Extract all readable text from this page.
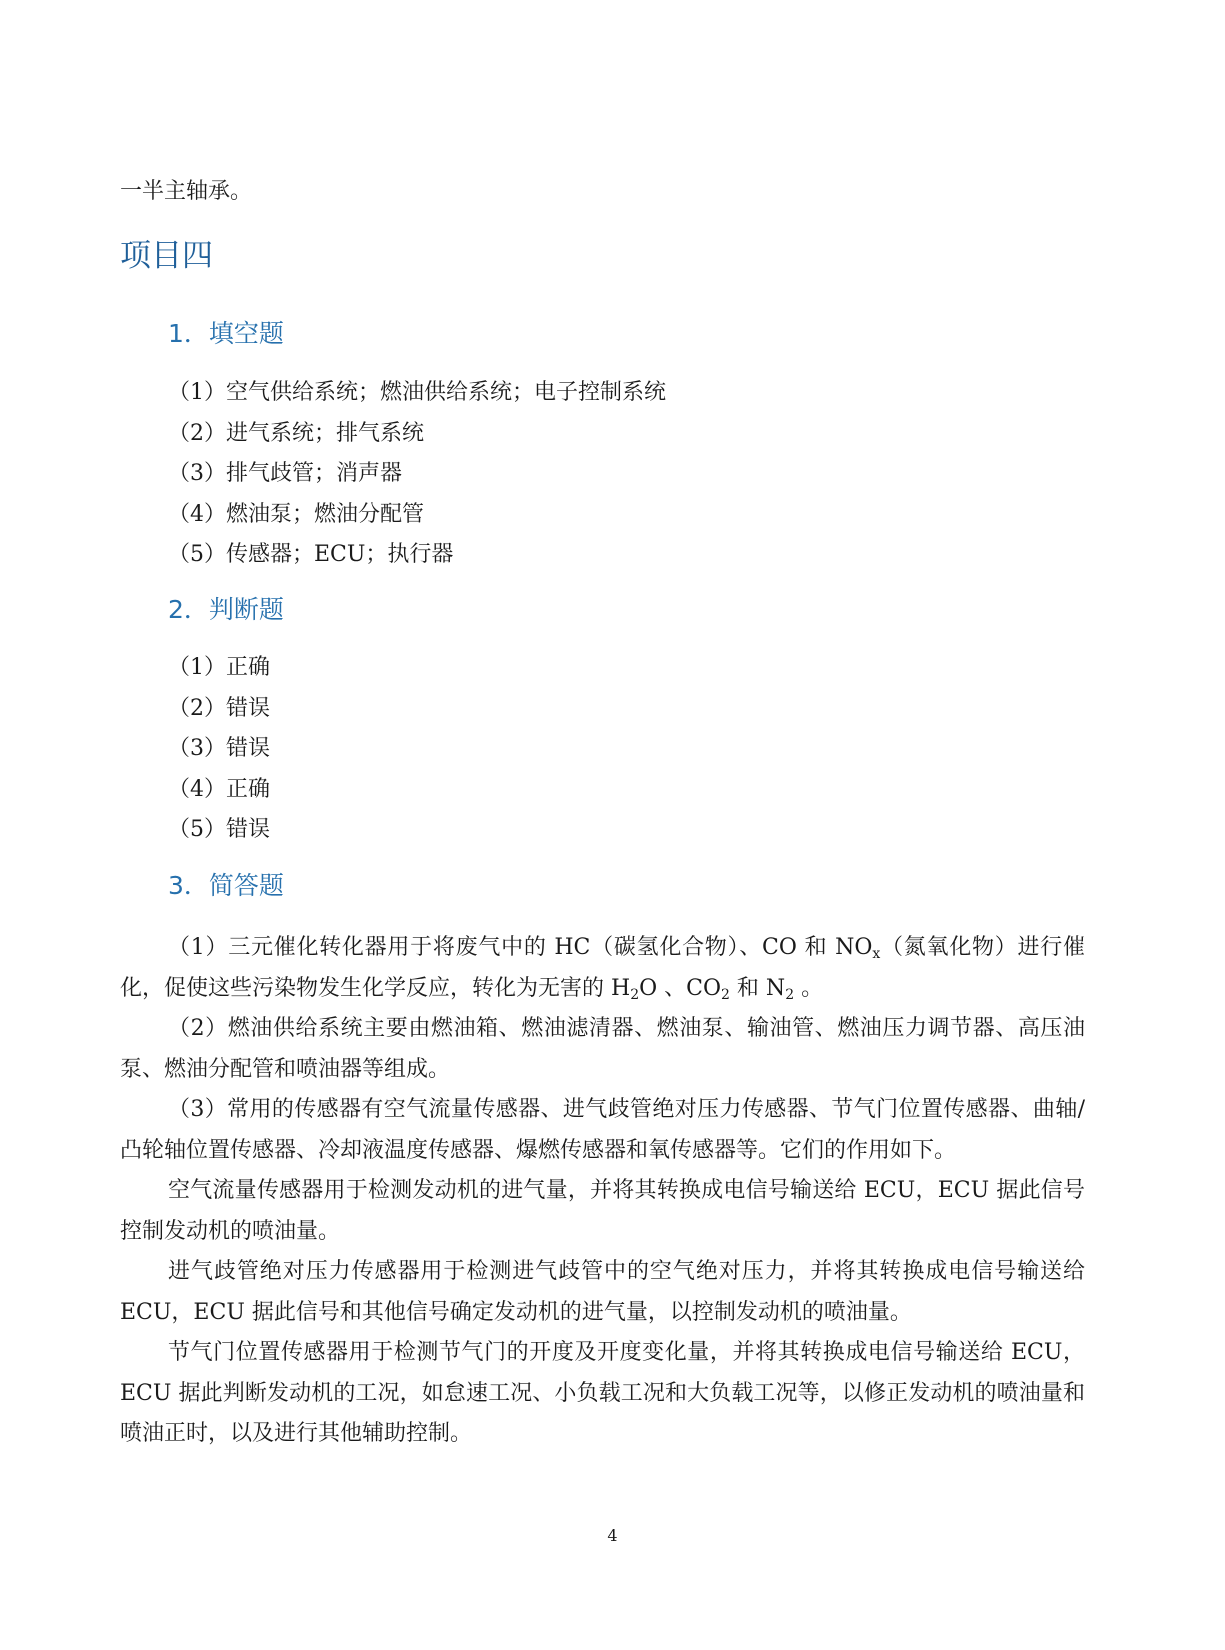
一半主轴承。

项目四
1．填空题
（1）空气供给系统；燃油供给系统；电子控制系统
（2）进气系统；排气系统
（3）排气歧管；消声器
（4）燃油泵；燃油分配管
（5）传感器；ECU；执行器
2．判断题
（1）正确
（2）错误
（3）错误
（4）正确
（5）错误
3．简答题

（1）三元催化转化器用于将废气中的 HC（碳氢化合物）、CO 和 $NO_x$（氮氧化物）进行催化，促使这些污染物发生化学反应，转化为无害的 $H_2O$ 、$CO_2$ 和 $N_2$ 。

（2）燃油供给系统主要由燃油箱、燃油滤清器、燃油泵、输油管、燃油压力调节器、高压油泵、燃油分配管和喷油器等组成。

（3）常用的传感器有空气流量传感器、进气歧管绝对压力传感器、节气门位置传感器、曲轴/凸轮轴位置传感器、冷却液温度传感器、爆燃传感器和氧传感器等。它们的作用如下。

空气流量传感器用于检测发动机的进气量，并将其转换成电信号输送给 ECU，ECU 据此信号控制发动机的喷油量。

进气歧管绝对压力传感器用于检测进气歧管中的空气绝对压力，并将其转换成电信号输送给 ECU，ECU 据此信号和其他信号确定发动机的进气量，以控制发动机的喷油量。

节气门位置传感器用于检测节气门的开度及开度变化量，并将其转换成电信号输送给 ECU，ECU 据此判断发动机的工况，如怠速工况、小负载工况和大负载工况等，以修正发动机的喷油量和喷油正时，以及进行其他辅助控制。

4
